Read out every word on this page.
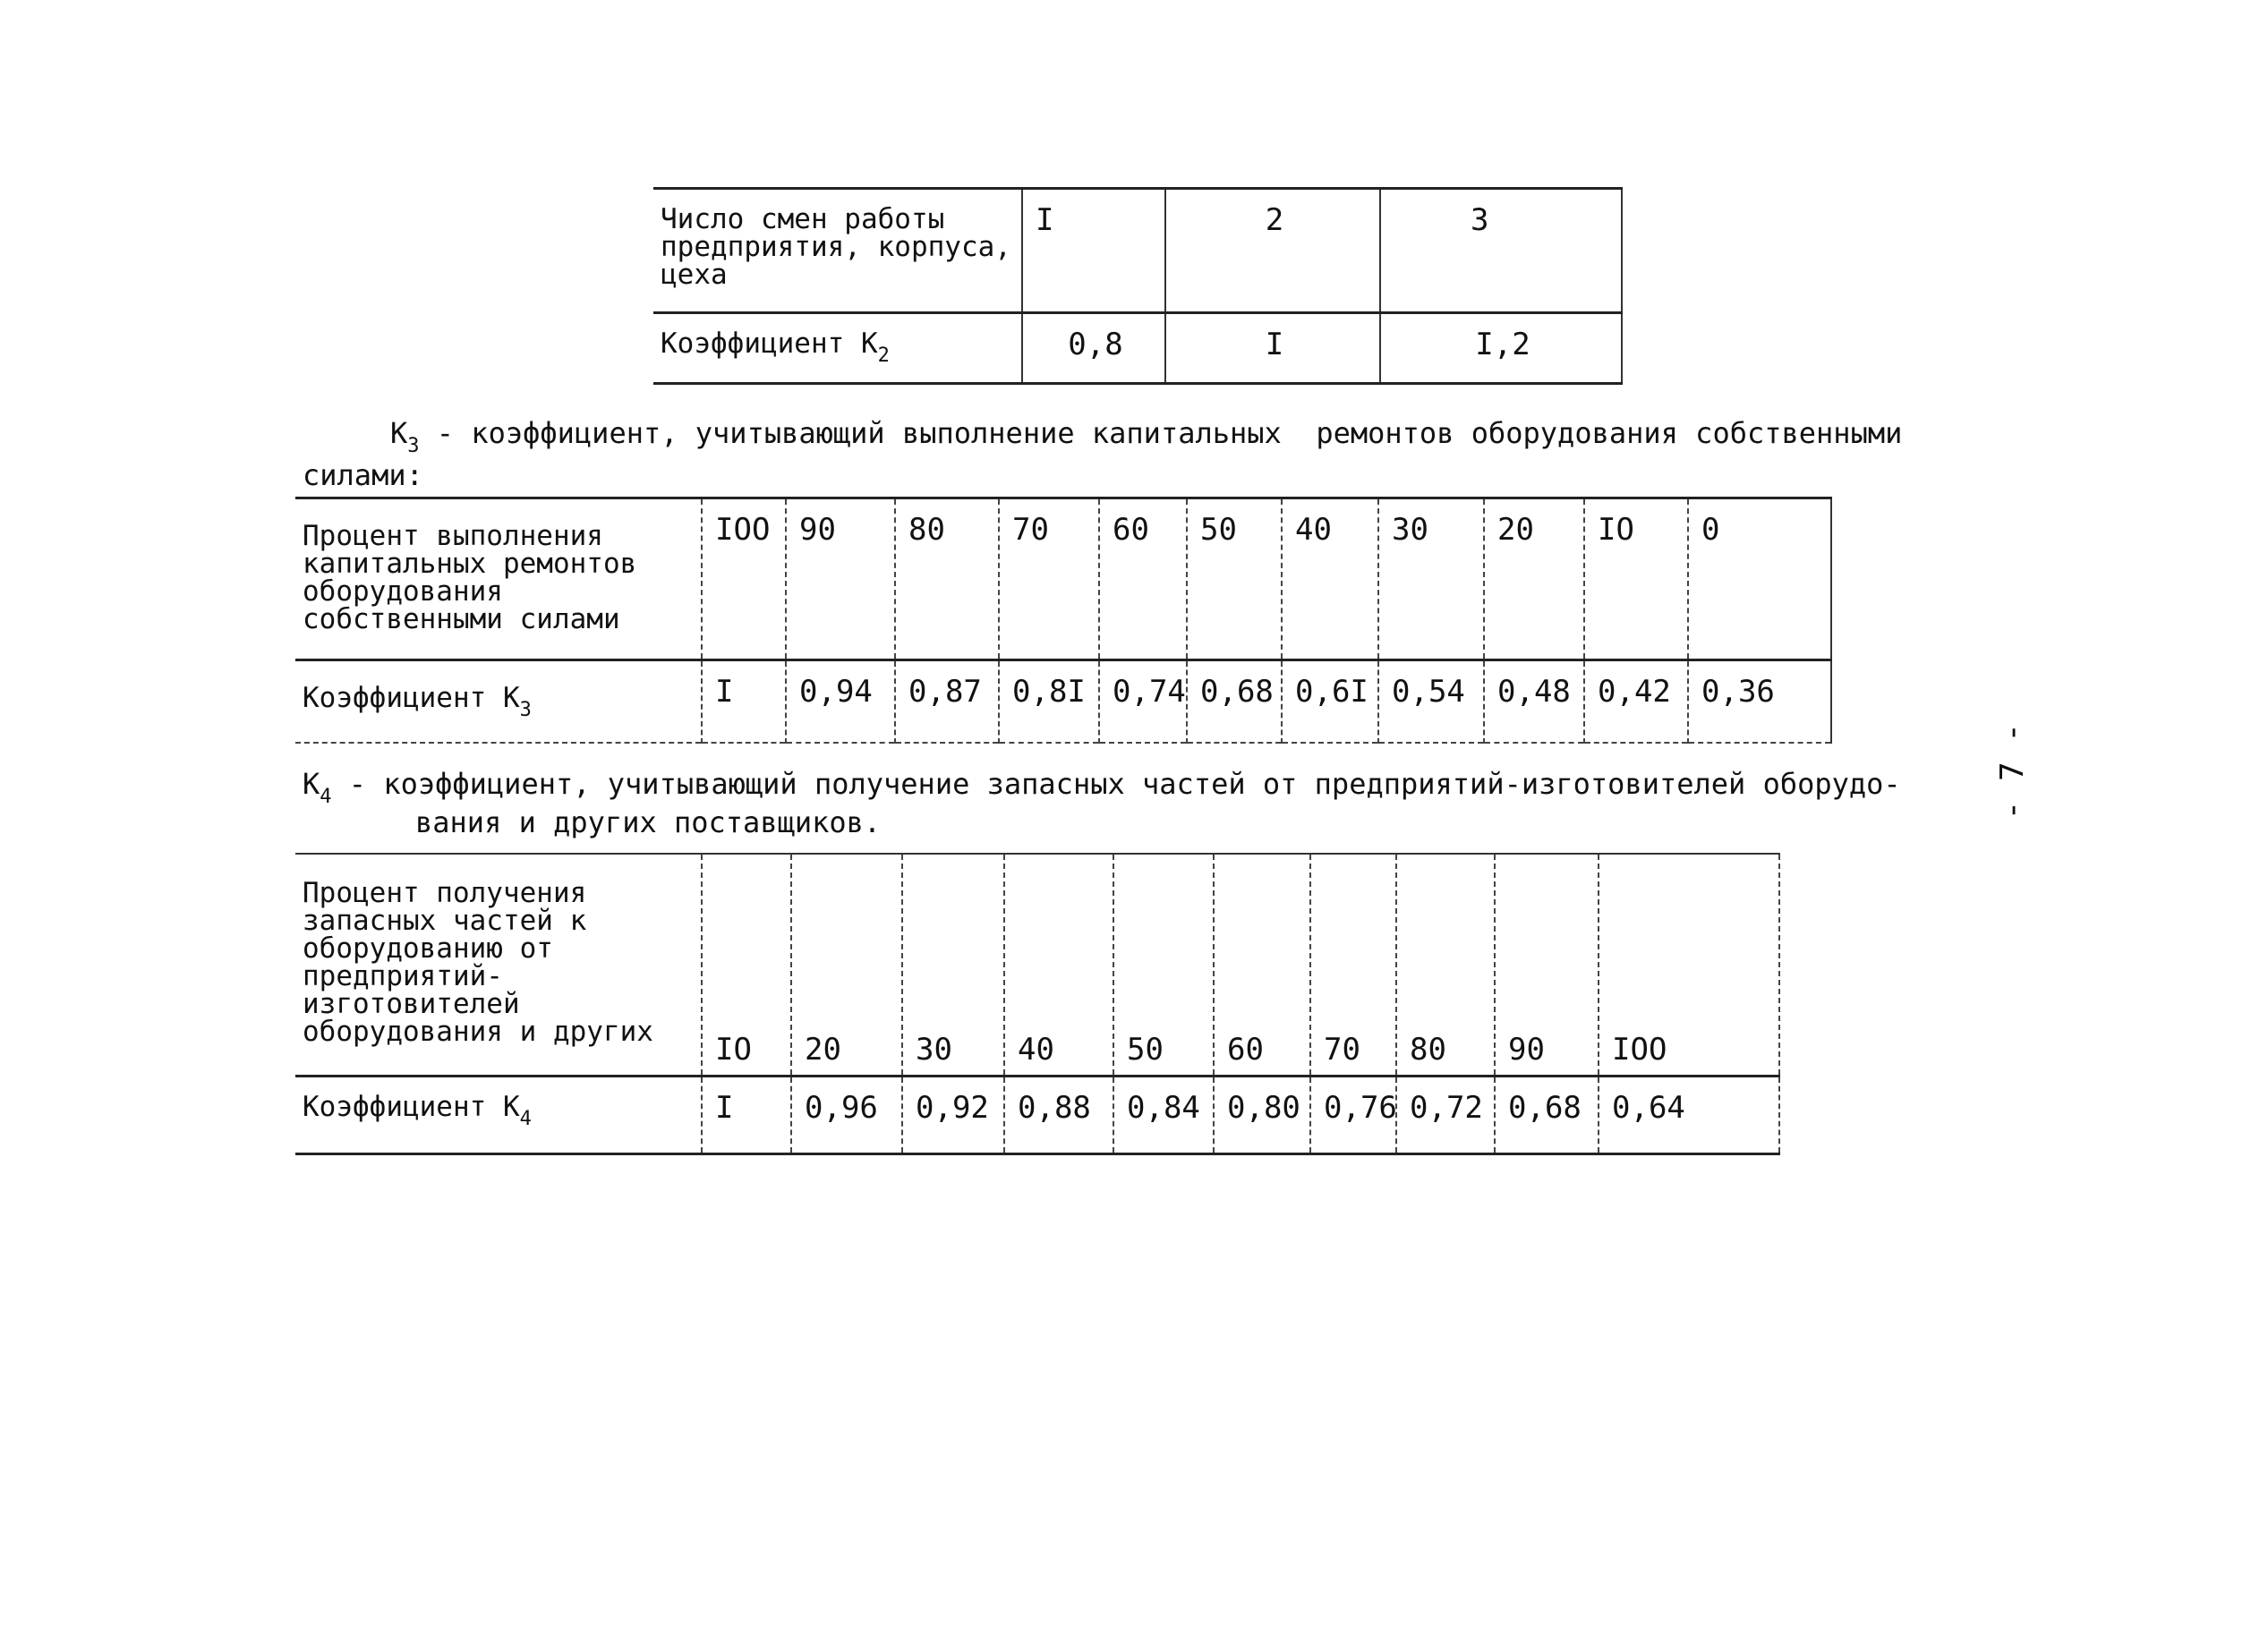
Число смен работы предприятия, корпуса, цеха	I	2	3
Коэффициент $К_2$	0,8	I	I,2
$К_3$ - коэффициент, учитывающий выполнение капитальных  ремонтов оборудования собственными
силами:
Процент выполнения капитальных ремонтов оборудования собственными силами	IОО	90	80	70	60	50	40	30	20	IО	0
Коэффициент $К_3$	I	0,94	0,87	0,8I	0,74	0,68	0,6I	0,54	0,48	0,42	0,36
$К_4$ - коэффициент, учитывающий получение запасных частей от предприятий-изготовителей оборудо-
вания и других поставщиков.
Процент получения запасных частей к оборудованию от предприятий-изготовителей оборудования и других	IО	20	30	40	50	60	70	80	90	IОО
Коэффициент $К_4$	I	0,96	0,92	0,88	0,84	0,80	0,76	0,72	0,68	0,64
- 7 -
